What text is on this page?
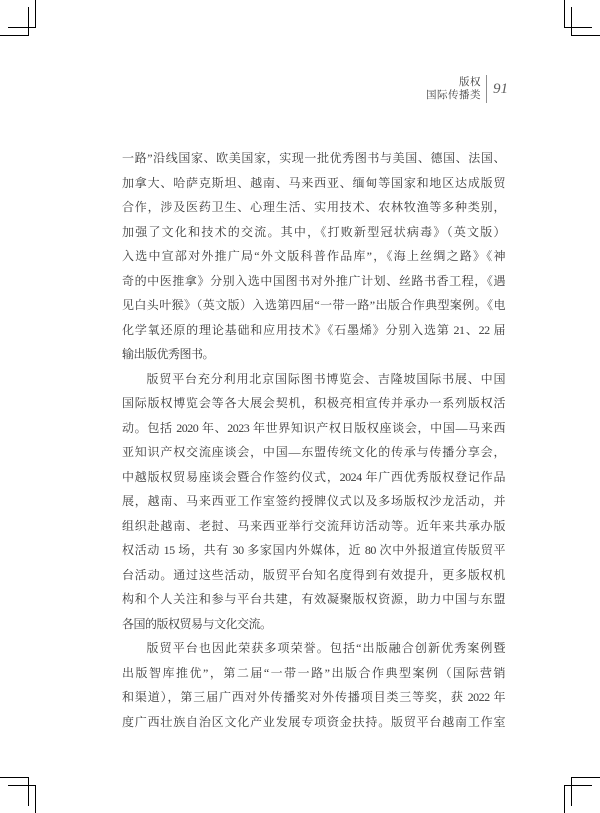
版权
国际传播类 91
一路”沿线国家、欧美国家，实现一批优秀图书与美国、德国、法国、
加拿大、哈萨克斯坦、越南、马来西亚、缅甸等国家和地区达成版贸
合作，涉及医药卫生、心理生活、实用技术、农林牧渔等多种类别，
加强了文化和技术的交流。其中，《打败新型冠状病毒》（英文版）
入选中宣部对外推广局“外文版科普作品库”，《海上丝绸之路》《神
奇的中医推拿》分别入选中国图书对外推广计划、丝路书香工程，《遇
见白头叶猴》（英文版）入选第四届“一带一路”出版合作典型案例。《电
化学氧还原的理论基础和应用技术》《石墨烯》分别入选第 21、22 届
输出版优秀图书。
版贸平台充分利用北京国际图书博览会、吉隆坡国际书展、中国
国际版权博览会等各大展会契机，积极亮相宣传并承办一系列版权活
动。包括 2020 年、2023 年世界知识产权日版权座谈会，中国—马来西
亚知识产权交流座谈会，中国—东盟传统文化的传承与传播分享会，
中越版权贸易座谈会暨合作签约仪式，2024 年广西优秀版权登记作品
展，越南、马来西亚工作室签约授牌仪式以及多场版权沙龙活动，并
组织赴越南、老挝、马来西亚举行交流拜访活动等。近年来共承办版
权活动 15 场，共有 30 多家国内外媒体，近 80 次中外报道宣传版贸平
台活动。通过这些活动，版贸平台知名度得到有效提升，更多版权机
构和个人关注和参与平台共建，有效凝聚版权资源，助力中国与东盟
各国的版权贸易与文化交流。
版贸平台也因此荣获多项荣誉。包括“出版融合创新优秀案例暨
出版智库推优”，第二届“一带一路”出版合作典型案例（国际营销
和渠道），第三届广西对外传播奖对外传播项目类三等奖，获 2022 年
度广西壮族自治区文化产业发展专项资金扶持。版贸平台越南工作室
